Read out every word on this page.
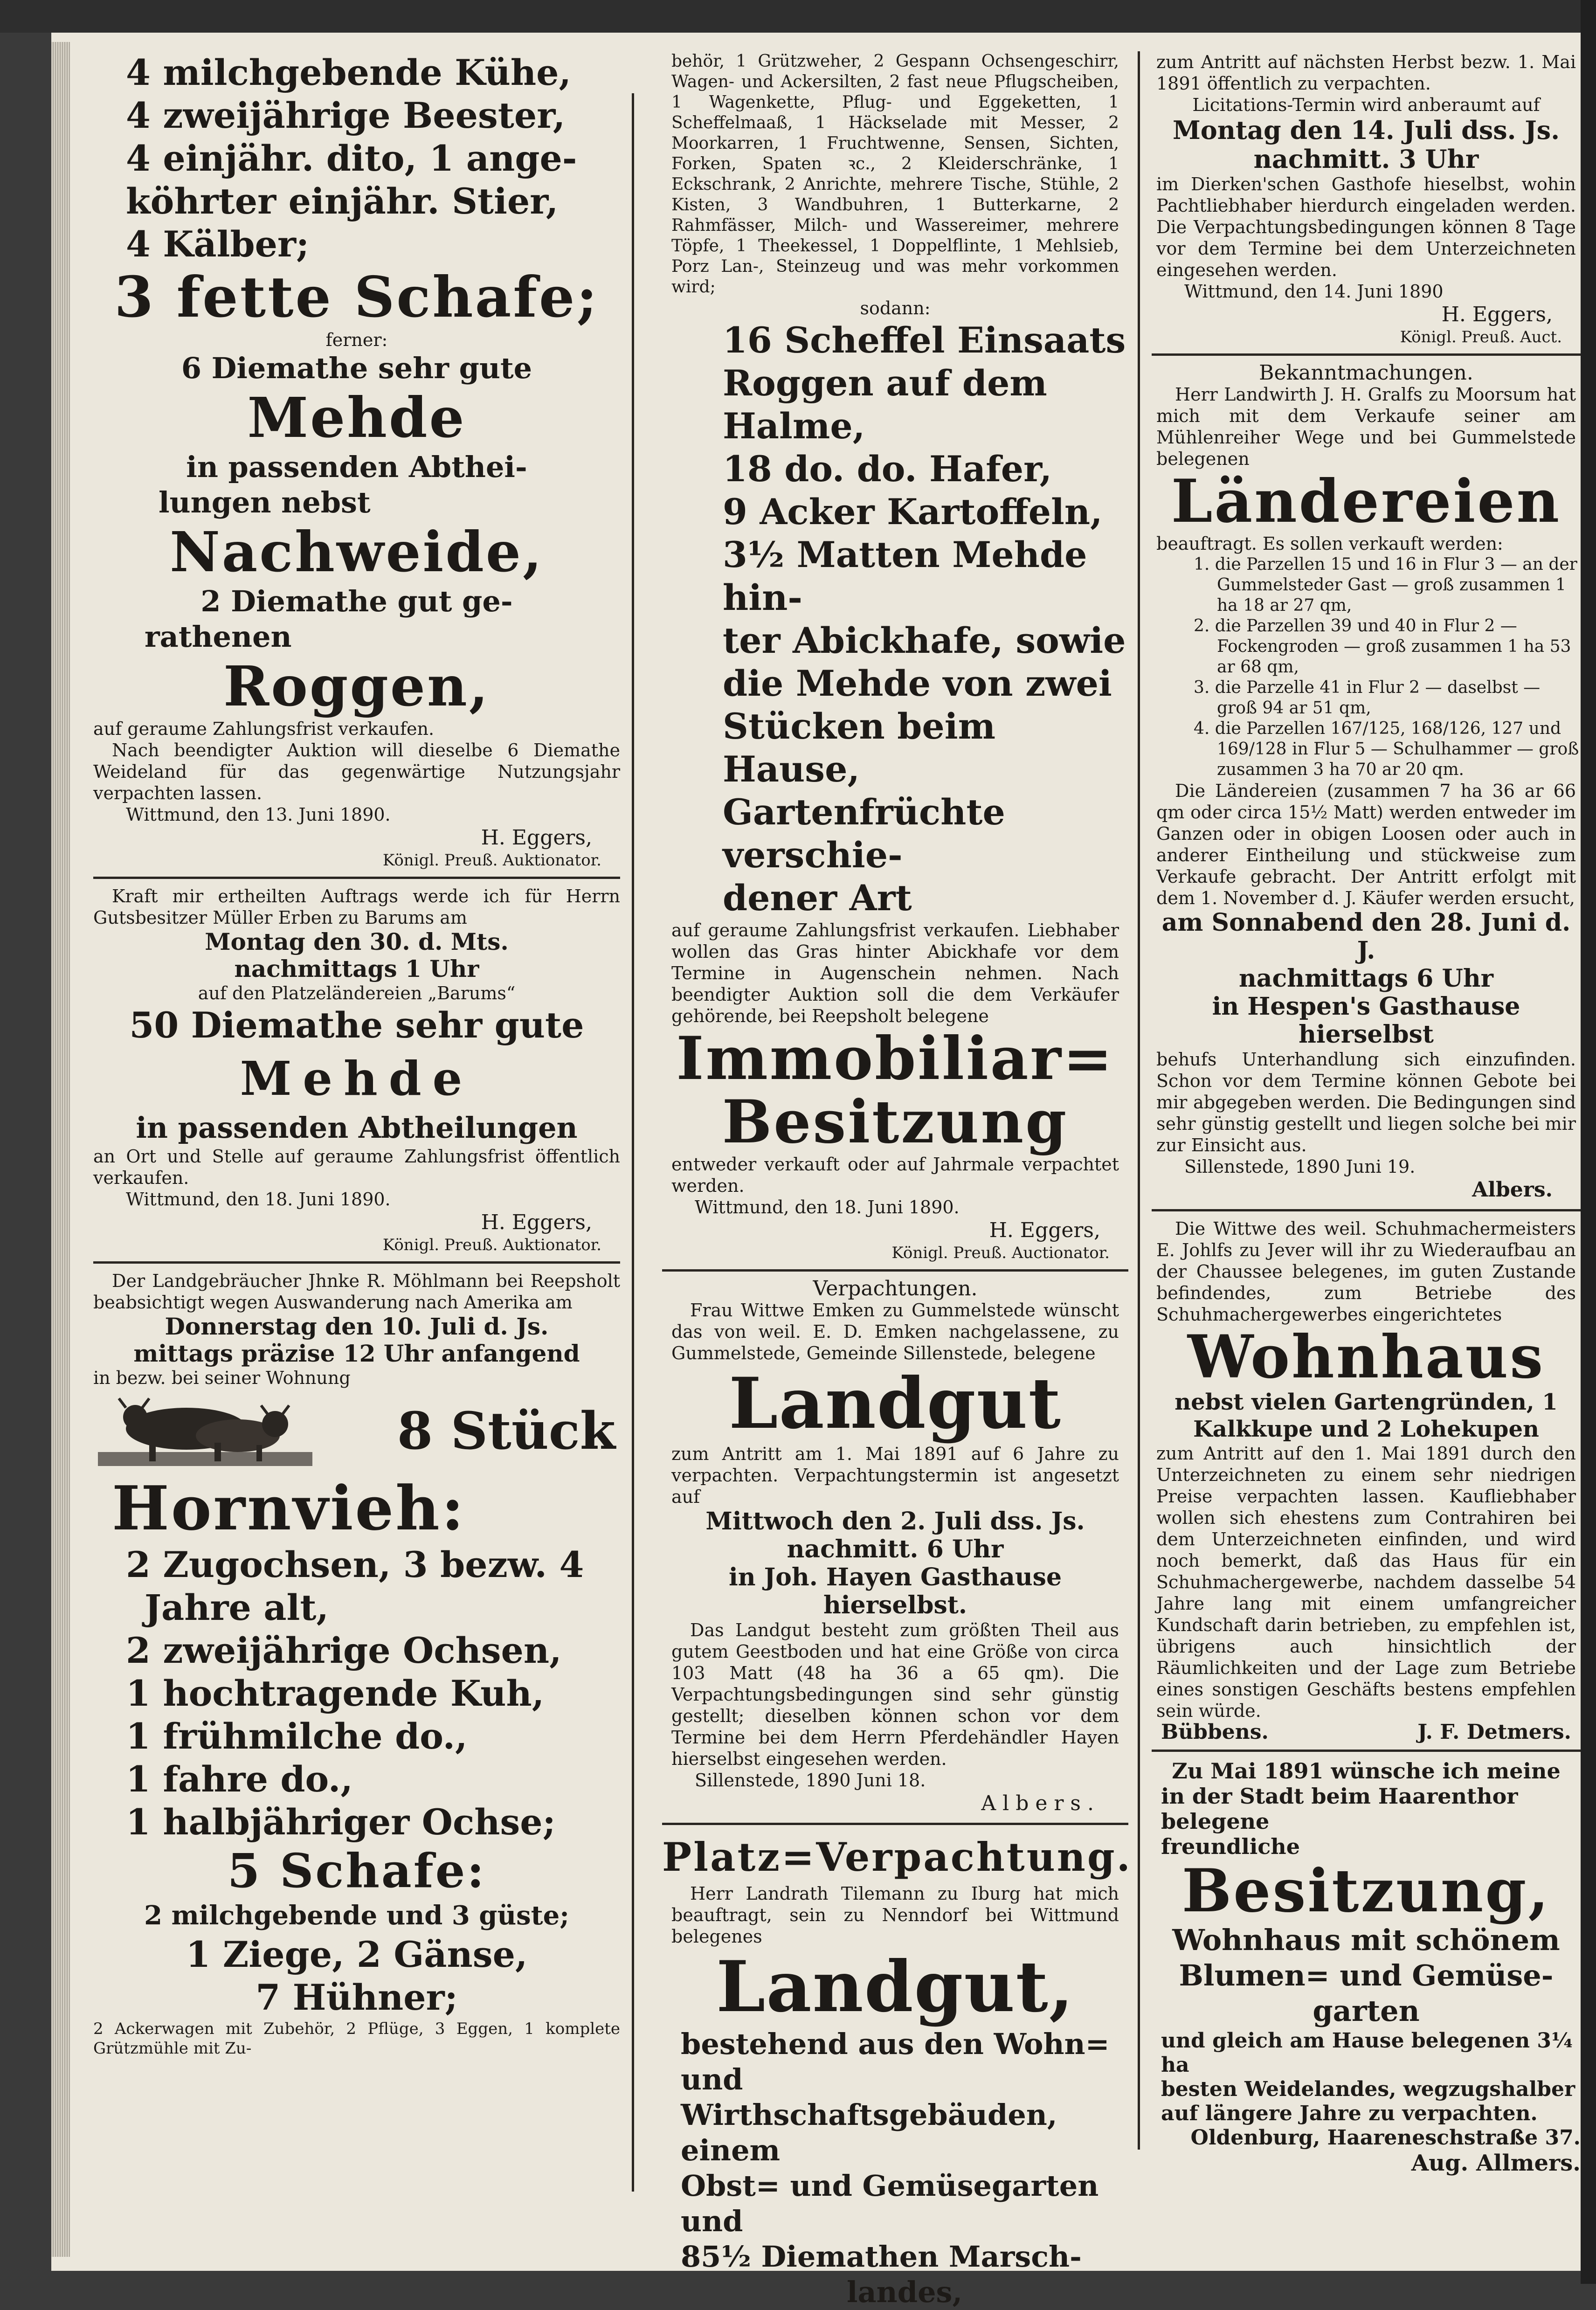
4 milchgebende Kühe,

4 zweijährige Beester,

4 einjähr. dito, 1 ange-

köhrter einjähr. Stier,

4 Kälber;

3 fette Schafe;

ferner:

6 Diemathe sehr gute

Mehde

in passenden Abthei-

lungen nebst

Nachweide,

2 Diemathe gut ge-

rathenen

Roggen,

auf geraume Zahlungsfrist verkaufen.

Nach beendigter Auktion will dieselbe 6 Diemathe Weideland für das gegenwärtige Nutzungsjahr verpachten lassen.

Wittmund, den 13. Juni 1890.

H. Eggers,

Königl. Preuß. Auktionator.

Kraft mir ertheilten Auftrags werde ich für Herrn Gutsbesitzer Müller Erben zu Barums am

Montag den 30. d. Mts.

nachmittags 1 Uhr

auf den Platzeländereien „Barums“

50 Diemathe sehr gute

Mehde

in passenden Abtheilungen

an Ort und Stelle auf geraume Zahlungsfrist öffentlich verkaufen.

Wittmund, den 18. Juni 1890.

H. Eggers,

Königl. Preuß. Auktionator.

Der Landgebräucher Jhnke R. Möhlmann bei Reepsholt beabsichtigt wegen Auswanderung nach Amerika am

Donnerstag den 10. Juli d. Js.

mittags präzise 12 Uhr anfangend

in bezw. bei seiner Wohnung

8 Stück

Hornvieh:

2 Zugochsen, 3 bezw. 4

Jahre alt,

2 zweijährige Ochsen,

1 hochtragende Kuh,

1 frühmilche do.,

1 fahre do.,

1 halbjähriger Ochse;

5 Schafe:

2 milchgebende und 3 güste;

1 Ziege, 2 Gänse,

7 Hühner;

2 Ackerwagen mit Zubehör, 2 Pflüge, 3 Eggen, 1 komplete Grützmühle mit Zu-

behör, 1 Grützweher, 2 Gespann Ochsengeschirr, Wagen- und Ackersilten, 2 fast neue Pflugscheiben, 1 Wagenkette, Pflug- und Eggeketten, 1 Scheffelmaaß, 1 Häckselade mit Messer, 2 Moorkarren, 1 Fruchtwenne, Sensen, Sichten, Forken, Spaten ꝛc., 2 Kleiderschränke, 1 Eckschrank, 2 Anrichte, mehrere Tische, Stühle, 2 Kisten, 3 Wandbuhren, 1 Butterkarne, 2 Rahmfässer, Milch- und Wassereimer, mehrere Töpfe, 1 Theekessel, 1 Doppelflinte, 1 Mehlsieb, Porz Lan-, Steinzeug und was mehr vorkommen wird;

sodann:

16 Scheffel Einsaats

Roggen auf dem Halme,

18 do. do. Hafer,

9 Acker Kartoffeln,

3½ Matten Mehde hin-

ter Abickhafe, sowie

die Mehde von zwei

Stücken beim Hause,

Gartenfrüchte verschie-

dener Art

auf geraume Zahlungsfrist verkaufen. Liebhaber wollen das Gras hinter Abickhafe vor dem Termine in Augenschein nehmen. Nach beendigter Auktion soll die dem Verkäufer gehörende, bei Reepsholt belegene

Immobiliar=

Besitzung

entweder verkauft oder auf Jahrmale verpachtet werden.

Wittmund, den 18. Juni 1890.

H. Eggers,

Königl. Preuß. Auctionator.

Verpachtungen.

Frau Wittwe Emken zu Gummelstede wünscht das von weil. E. D. Emken nachgelassene, zu Gummelstede, Gemeinde Sillenstede, belegene

Landgut

zum Antritt am 1. Mai 1891 auf 6 Jahre zu verpachten. Verpachtungstermin ist angesetzt auf

Mittwoch den 2. Juli dss. Js.

nachmitt. 6 Uhr

in Joh. Hayen Gasthause hierselbst.

Das Landgut besteht zum größten Theil aus gutem Geestboden und hat eine Größe von circa 103 Matt (48 ha 36 a 65 qm). Die Verpachtungsbedingungen sind sehr günstig gestellt; dieselben können schon vor dem Termine bei dem Herrn Pferdehändler Hayen hierselbst eingesehen werden.

Sillenstede, 1890 Juni 18.

Albers.

Platz=Verpachtung.

Herr Landrath Tilemann zu Iburg hat mich beauftragt, sein zu Nenndorf bei Wittmund belegenes

Landgut,

bestehend aus den Wohn= und

Wirthschaftsgebäuden, einem

Obst= und Gemüsegarten und

85½ Diemathen Marsch-

landes,

zum Antritt auf nächsten Herbst bezw. 1. Mai 1891 öffentlich zu verpachten.

Licitations-Termin wird anberaumt auf

Montag den 14. Juli dss. Js.

nachmitt. 3 Uhr

im Dierken'schen Gasthofe hieselbst, wohin Pachtliebhaber hierdurch eingeladen werden. Die Verpachtungsbedingungen können 8 Tage vor dem Termine bei dem Unterzeichneten eingesehen werden.

Wittmund, den 14. Juni 1890

H. Eggers,

Königl. Preuß. Auct.

Bekanntmachungen.

Herr Landwirth J. H. Gralfs zu Moorsum hat mich mit dem Verkaufe seiner am Mühlenreiher Wege und bei Gummelstede belegenen

Ländereien

beauftragt. Es sollen verkauft werden:

1. die Parzellen 15 und 16 in Flur 3 — an der Gummelsteder Gast — groß zusammen 1 ha 18 ar 27 qm,
2. die Parzellen 39 und 40 in Flur 2 — Fockengroden — groß zusammen 1 ha 53 ar 68 qm,
3. die Parzelle 41 in Flur 2 — daselbst — groß 94 ar 51 qm,
4. die Parzellen 167/125, 168/126, 127 und 169/128 in Flur 5 — Schulhammer — groß zusammen 3 ha 70 ar 20 qm.

Die Ländereien (zusammen 7 ha 36 ar 66 qm oder circa 15½ Matt) werden entweder im Ganzen oder in obigen Loosen oder auch in anderer Eintheilung und stückweise zum Verkaufe gebracht. Der Antritt erfolgt mit dem 1. November d. J. Käufer werden ersucht,

am Sonnabend den 28. Juni d. J.

nachmittags 6 Uhr

in Hespen's Gasthause hierselbst

behufs Unterhandlung sich einzufinden. Schon vor dem Termine können Gebote bei mir abgegeben werden. Die Bedingungen sind sehr günstig gestellt und liegen solche bei mir zur Einsicht aus.

Sillenstede, 1890 Juni 19.

Albers.

Die Wittwe des weil. Schuhmachermeisters E. Johlfs zu Jever will ihr zu Wiederaufbau an der Chaussee belegenes, im guten Zustande befindendes, zum Betriebe des Schuhmachergewerbes eingerichtetes

Wohnhaus

nebst vielen Gartengründen, 1 Kalkkupe und 2 Lohekupen

zum Antritt auf den 1. Mai 1891 durch den Unterzeichneten zu einem sehr niedrigen Preise verpachten lassen. Kaufliebhaber wollen sich ehestens zum Contrahiren bei dem Unterzeichneten einfinden, und wird noch bemerkt, daß das Haus für ein Schuhmachergewerbe, nachdem dasselbe 54 Jahre lang mit einem umfangreicher Kundschaft darin betrieben, zu empfehlen ist, übrigens auch hinsichtlich der Räumlichkeiten und der Lage zum Betriebe eines sonstigen Geschäfts bestens empfehlen sein würde.

Bübbens.	J. F. Detmers.

Zu Mai 1891 wünsche ich meine

in der Stadt beim Haarenthor belegene

freundliche

Besitzung,

Wohnhaus mit schönem

Blumen= und Gemüse-

garten

und gleich am Hause belegenen 3¼ ha

besten Weidelandes, wegzugshalber

auf längere Jahre zu verpachten.

Oldenburg, Haareneschstraße 37.

Aug. Allmers.
